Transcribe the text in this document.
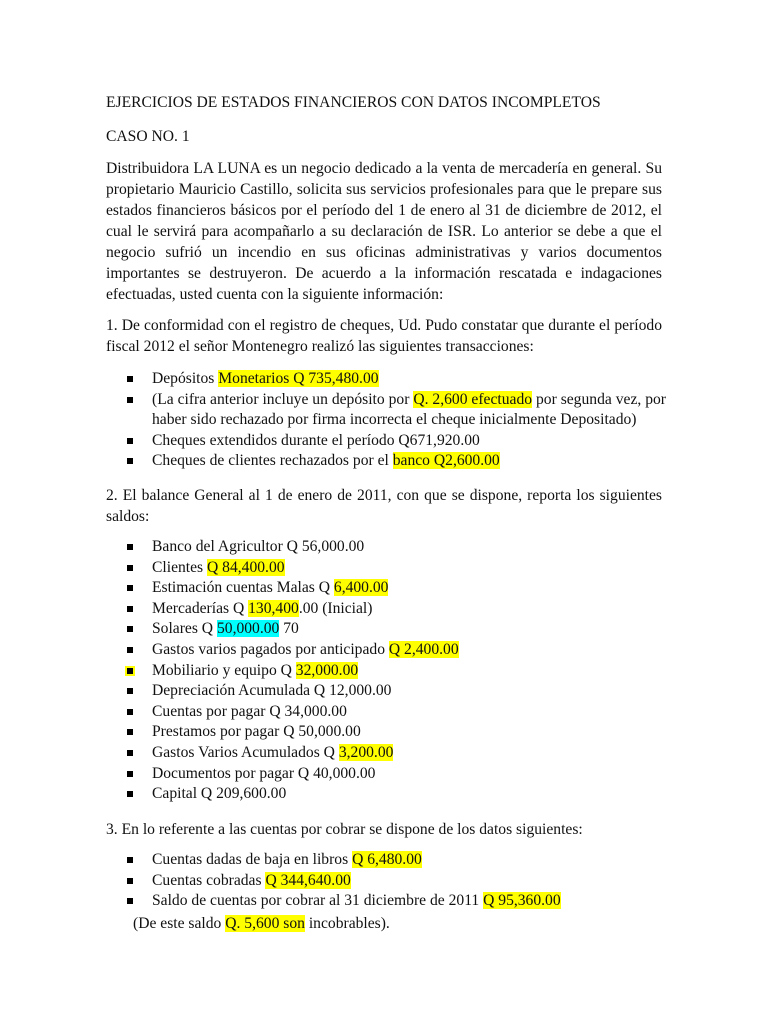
EJERCICIOS DE ESTADOS FINANCIEROS CON DATOS INCOMPLETOS

CASO NO. 1

Distribuidora LA LUNA es un negocio dedicado a la venta de mercadería en general. Su propietario Mauricio Castillo, solicita sus servicios profesionales para que le prepare sus estados financieros básicos por el período del 1 de enero al 31 de diciembre de 2012, el cual le servirá para acompañarlo a su declaración de ISR. Lo anterior se debe a que el negocio sufrió un incendio en sus oficinas administrativas y varios documentos importantes se destruyeron. De acuerdo a la información rescatada e indagaciones efectuadas, usted cuenta con la siguiente información:

1. De conformidad con el registro de cheques, Ud. Pudo constatar que durante el período fiscal 2012 el señor Montenegro realizó las siguientes transacciones:

Depósitos Monetarios Q 735,480.00
(La cifra anterior incluye un depósito por Q. 2,600 efectuado por segunda vez, por haber sido rechazado por firma incorrecta el cheque inicialmente Depositado)
Cheques extendidos durante el período Q671,920.00
Cheques de clientes rechazados por el banco Q2,600.00

2. El balance General al 1 de enero de 2011, con que se dispone, reporta los siguientes saldos:

Banco del Agricultor Q 56,000.00
Clientes Q 84,400.00
Estimación cuentas Malas Q 6,400.00
Mercaderías Q 130,400.00 (Inicial)
Solares Q 50,000.00 70
Gastos varios pagados por anticipado Q 2,400.00
Mobiliario y equipo Q 32,000.00
Depreciación Acumulada Q 12,000.00
Cuentas por pagar Q 34,000.00
Prestamos por pagar Q 50,000.00
Gastos Varios Acumulados Q 3,200.00
Documentos por pagar Q 40,000.00
Capital Q 209,600.00

3. En lo referente a las cuentas por cobrar se dispone de los datos siguientes:

Cuentas dadas de baja en libros Q 6,480.00
Cuentas cobradas Q 344,640.00
Saldo de cuentas por cobrar al 31 diciembre de 2011 Q 95,360.00

(De este saldo Q. 5,600 son incobrables).
